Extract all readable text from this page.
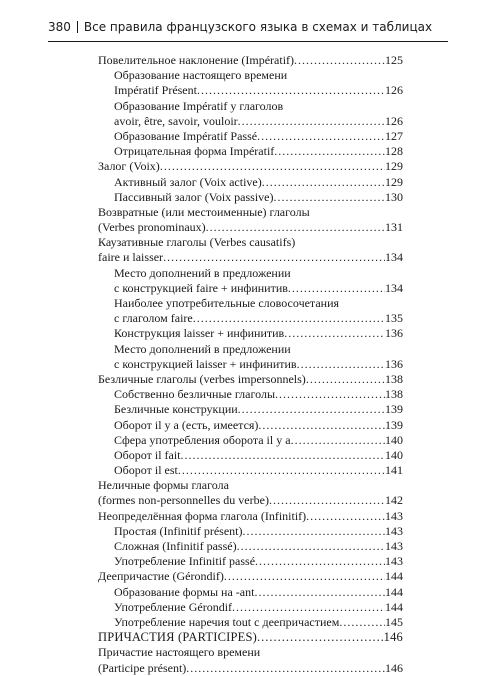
380 Все правила французского языка в схемах и таблицах
Повелительное наклонение (Impératif) .....	125
Образование настоящего времени
Impératif Présent .....	126
Образование Impératif у глаголов
avoir, être, savoir, vouloir .....	126
Образование Impératif Passé .....	127
Отрицательная форма Impératif .....	128
Залог (Voix) .....	129
Активный залог (Voix active) .....	129
Пассивный залог (Voix passive) .....	130
Возвратные (или местоименные) глаголы
(Verbes pronominaux) .....	131
Каузативные глаголы (Verbes causatifs)
faire и laisser .....	134
Место дополнений в предложении
с конструкцией faire + инфинитив .....	134
Наиболее употребительные словосочетания
с глаголом faire .....	135
Конструкция laisser + инфинитив .....	136
Место дополнений в предложении
с конструкцией laisser + инфинитив .....	136
Безличные глаголы (verbes impersonnels) .....	138
Собственно безличные глаголы .....	138
Безличные конструкции .....	139
Оборот il y a (есть, имеется) .....	139
Сфера употребления оборота il y a .....	140
Оборот il fait .....	140
Оборот il est .....	141
Неличные формы глагола
(formes non-personnelles du verbe) .....	142
Неопределённая форма глагола (Infinitif) .....	143
Простая (Infinitif présent) .....	143
Сложная (Infinitif passé) .....	143
Употребление Infinitif passé .....	143
Деепричастие (Gérondif) .....	144
Образование формы на -ant .....	144
Употребление Gérondif .....	144
Употребление наречия tout с деепричастием .....	145
ПРИЧАСТИЯ (PARTICIPES) .....	146
Причастие настоящего времени
(Participe présent) .....	146
